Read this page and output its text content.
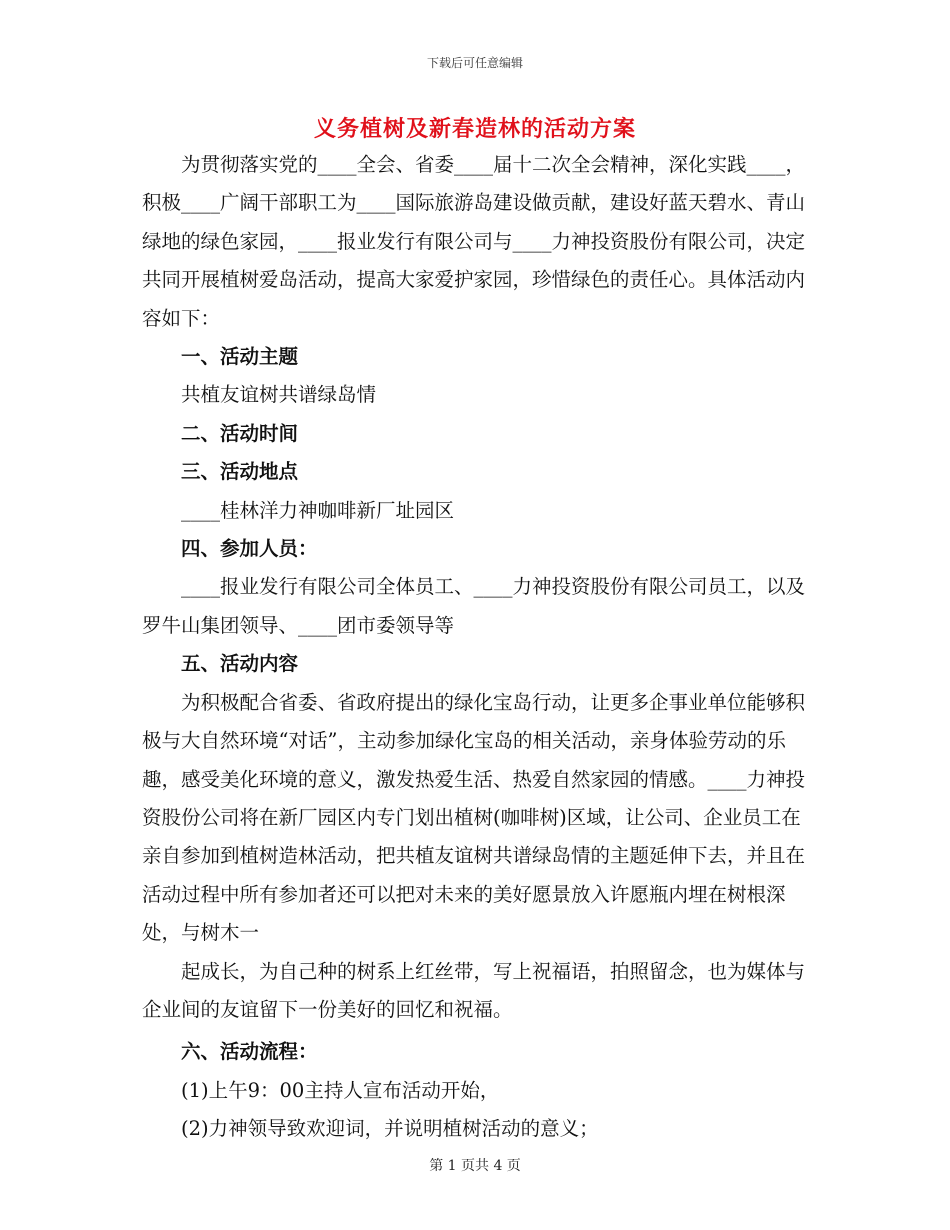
下载后可任意编辑
义务植树及新春造林的活动方案

为贯彻落实党的____全会、省委____届十二次全会精神，深化实践____，积极____广阔干部职工为____国际旅游岛建设做贡献，建设好蓝天碧水、青山绿地的绿色家园，____报业发行有限公司与____力神投资股份有限公司，决定共同开展植树爱岛活动，提高大家爱护家园，珍惜绿色的责任心。具体活动内容如下：

一、活动主题

共植友谊树共谱绿岛情

二、活动时间

三、活动地点

____桂林洋力神咖啡新厂址园区

四、参加人员：

____报业发行有限公司全体员工、____力神投资股份有限公司员工，以及罗牛山集团领导、____团市委领导等

五、活动内容

为积极配合省委、省政府提出的绿化宝岛行动，让更多企事业单位能够积极与大自然环境“对话”，主动参加绿化宝岛的相关活动，亲身体验劳动的乐趣，感受美化环境的意义，激发热爱生活、热爱自然家园的情感。____力神投资股份公司将在新厂园区内专门划出植树(咖啡树)区域，让公司、企业员工在亲自参加到植树造林活动，把共植友谊树共谱绿岛情的主题延伸下去，并且在活动过程中所有参加者还可以把对未来的美好愿景放入许愿瓶内埋在树根深处，与树木一

起成长，为自己种的树系上红丝带，写上祝福语，拍照留念，也为媒体与企业间的友谊留下一份美好的回忆和祝福。

六、活动流程：

(1)上午9：00主持人宣布活动开始，

(2)力神领导致欢迎词，并说明植树活动的意义；

第 1 页共 4 页
